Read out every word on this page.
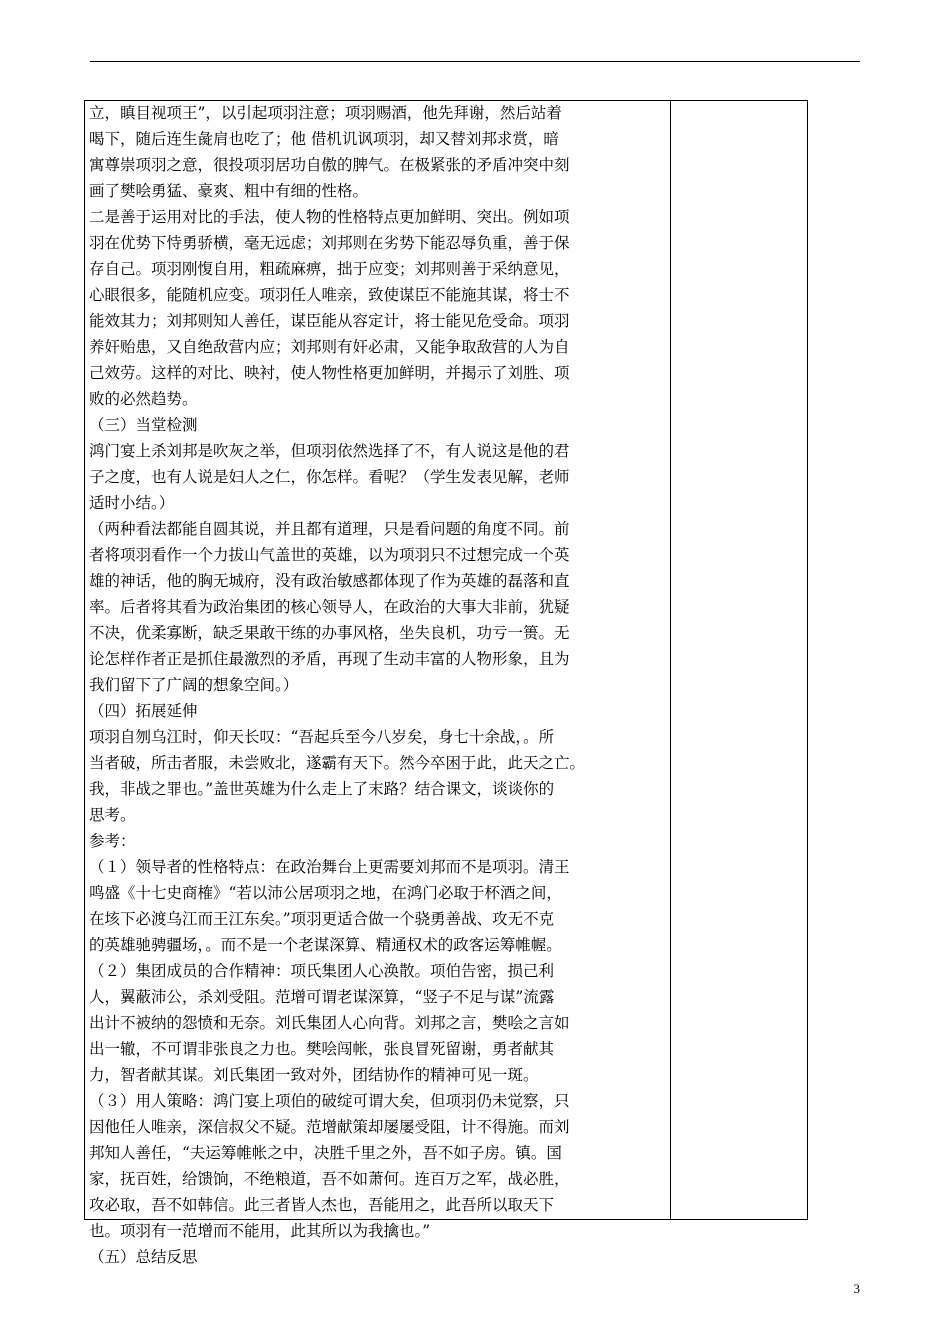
立，瞋目视项王”，以引起项羽注意；项羽赐酒，他先拜谢，然后站着
喝下，随后连生彘肩也吃了；他 借机讥讽项羽，却又替刘邦求赏，暗
寓尊崇项羽之意，很投项羽居功自傲的脾气。在极紧张的矛盾冲突中刻
画了樊哙勇猛、豪爽、粗中有细的性格。
二是善于运用对比的手法，使人物的性格特点更加鲜明、突出。例如项
羽在优势下恃勇骄横，毫无远虑；刘邦则在劣势下能忍辱负重，善于保
存自己。项羽刚愎自用，粗疏麻痹，拙于应变；刘邦则善于采纳意见，
心眼很多，能随机应变。项羽任人唯亲，致使谋臣不能施其谋，将士不
能效其力；刘邦则知人善任，谋臣能从容定计，将士能见危受命。项羽
养奸贻患，又自绝敌营内应；刘邦则有奸必肃，又能争取敌营的人为自
己效劳。这样的对比、映衬，使人物性格更加鲜明，并揭示了刘胜、项
败的必然趋势。
（三）当堂检测
鸿门宴上杀刘邦是吹灰之举，但项羽依然选择了不，有人说这是他的君
子之度，也有人说是妇人之仁，你怎样。看呢？（学生发表见解，老师
适时小结。）
（两种看法都能自圆其说，并且都有道理，只是看问题的角度不同。前
者将项羽看作一个力拔山气盖世的英雄，以为项羽只不过想完成一个英
雄的神话，他的胸无城府，没有政治敏感都体现了作为英雄的磊落和直
率。后者将其看为政治集团的核心领导人，在政治的大事大非前，犹疑
不决，优柔寡断，缺乏果敢干练的办事风格，坐失良机，功亏一篑。无
论怎样作者正是抓住最激烈的矛盾，再现了生动丰富的人物形象，且为
我们留下了广阔的想象空间。）
（四）拓展延伸
项羽自刎乌江时，仰天长叹：“吾起兵至今八岁矣，身七十余战，。所
当者破，所击者服，未尝败北，遂霸有天下。然今卒困于此，此天之亡。
我，非战之罪也。”盖世英雄为什么走上了末路？结合课文，谈谈你的
思考。
参考：
（１）领导者的性格特点：在政治舞台上更需要刘邦而不是项羽。清王
鸣盛《十七史商榷》“若以沛公居项羽之地，在鸿门必取于杯酒之间，
在垓下必渡乌江而王江东矣。”项羽更适合做一个骁勇善战、攻无不克
的英雄驰骋疆场，。而不是一个老谋深算、精通权术的政客运筹帷幄。
（２）集团成员的合作精神：项氏集团人心涣散。项伯告密，损己利
人，翼蔽沛公，杀刘受阻。范增可谓老谋深算，“竖子不足与谋”流露
出计不被纳的怨愤和无奈。刘氏集团人心向背。刘邦之言，樊哙之言如
出一辙，不可谓非张良之力也。樊哙闯帐，张良冒死留谢，勇者献其
力，智者献其谋。刘氏集团一致对外，团结协作的精神可见一斑。
（３）用人策略：鸿门宴上项伯的破绽可谓大矣，但项羽仍未觉察，只
因他任人唯亲，深信叔父不疑。范增献策却屡屡受阻，计不得施。而刘
邦知人善任，“夫运筹帷帐之中，决胜千里之外，吾不如子房。镇。国
家，抚百姓，给馈饷，不绝粮道，吾不如萧何。连百万之军，战必胜，
攻必取，吾不如韩信。此三者皆人杰也，吾能用之，此吾所以取天下
也。项羽有一范增而不能用，此其所以为我擒也。”
（五）总结反思
3
